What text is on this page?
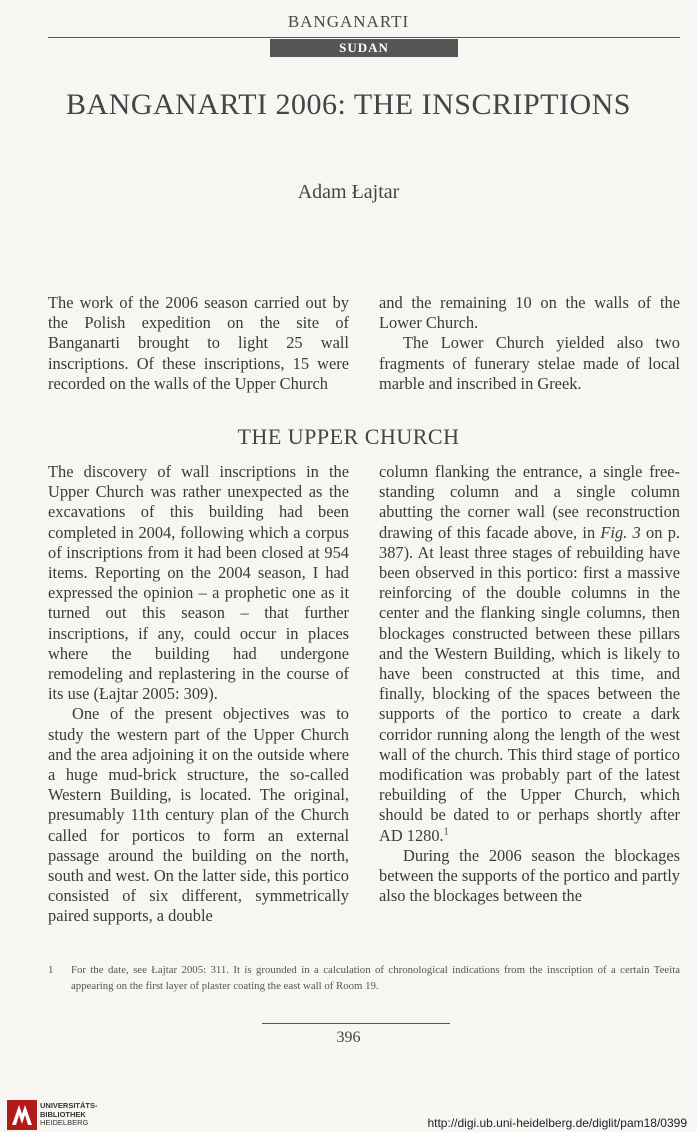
BANGANARTI
SUDAN
BANGANARTI 2006: THE INSCRIPTIONS
Adam Łajtar

The work of the 2006 season carried out by the Polish expedition on the site of Banganarti brought to light 25 wall inscriptions. Of these inscriptions, 15 were recorded on the walls of the Upper Church

and the remaining 10 on the walls of the Lower Church.

The Lower Church yielded also two fragments of funerary stelae made of local marble and inscribed in Greek.

THE UPPER CHURCH

The discovery of wall inscriptions in the Upper Church was rather unexpected as the excavations of this building had been completed in 2004, following which a corpus of inscriptions from it had been closed at 954 items. Reporting on the 2004 season, I had expressed the opinion – a prophetic one as it turned out this season – that further inscriptions, if any, could occur in places where the building had undergone remodeling and replastering in the course of its use (Łajtar 2005: 309).

One of the present objectives was to study the western part of the Upper Church and the area adjoining it on the outside where a huge mud-brick structure, the so-called Western Building, is located. The original, presumably 11th century plan of the Church called for porticos to form an external passage around the building on the north, south and west. On the latter side, this portico consisted of six different, symmetrically paired supports, a double

column flanking the entrance, a single free-standing column and a single column abutting the corner wall (see reconstruction drawing of this facade above, in Fig. 3 on p. 387). At least three stages of rebuilding have been observed in this portico: first a massive reinforcing of the double columns in the center and the flanking single columns, then blockages constructed between these pillars and the Western Building, which is likely to have been constructed at this time, and finally, blocking of the spaces between the supports of the portico to create a dark corridor running along the length of the west wall of the church. This third stage of portico modification was probably part of the latest rebuilding of the Upper Church, which should be dated to or perhaps shortly after AD 1280.$^1$

During the 2006 season the blockages between the supports of the portico and partly also the blockages between the

1 For the date, see Łajtar 2005: 311. It is grounded in a calculation of chronological indications from the inscription of a certain Teeita appearing on the first layer of plaster coating the east wall of Room 19.
396
UNIVERSITÄTS-
BIBLIOTHEK
HEIDELBERG	http://digi.ub.uni-heidelberg.de/diglit/pam18/0399
